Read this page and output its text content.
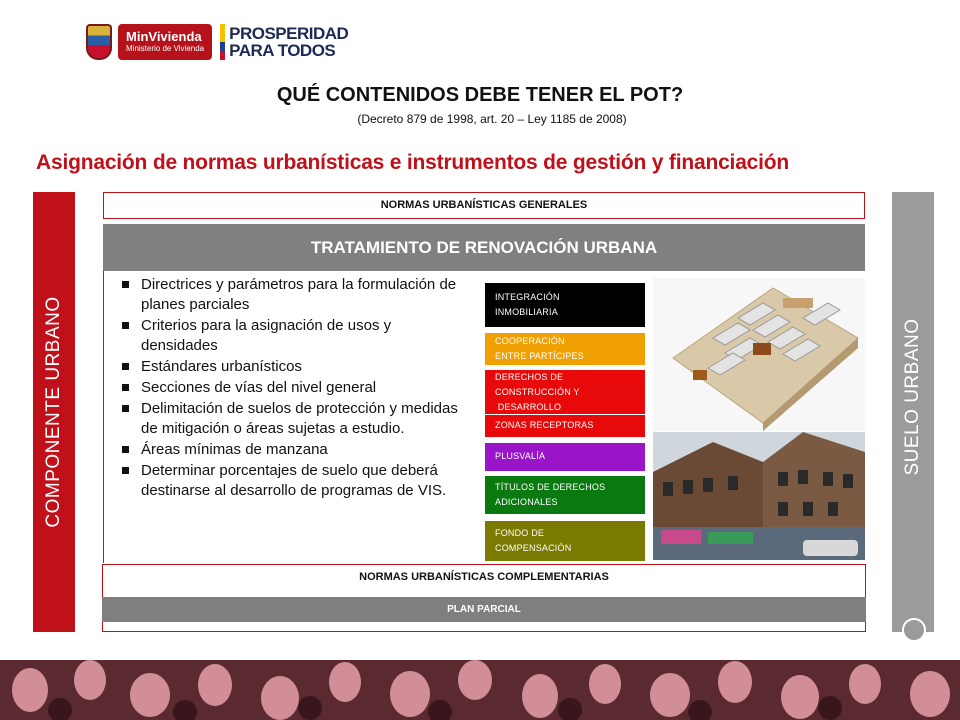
MinVivienda
Ministerio de Vivienda
PROSPERIDAD
PARA TODOS
QUÉ CONTENIDOS DEBE TENER EL POT?
(Decreto 879 de 1998, art. 20 – Ley 1185 de 2008)
Asignación de normas urbanísticas e instrumentos de gestión y financiación
COMPONENTE URBANO	SUELO URBANO
NORMAS URBANÍSTICAS GENERALES
TRATAMIENTO DE RENOVACIÓN URBANA
Directrices y parámetros para la formulación de planes parciales
Criterios para la asignación de usos y densidades
Estándares urbanísticos
Secciones de vías del nivel general
Delimitación de suelos de protección y medidas de mitigación o áreas sujetas a estudio.
Áreas mínimas de manzana
Determinar porcentajes de suelo que deberá destinarse al desarrollo de programas de VIS.
INTEGRACIÓN
INMOBILIARIA
COOPERACIÓN
ENTRE PARTÍCIPES
DERECHOS DE
CONSTRUCCIÓN Y
DESARROLLO
ZONAS RECEPTORAS
PLUSVALÍA
TÍTULOS DE DERECHOS
ADICIONALES
FONDO DE
COMPENSACIÓN
NORMAS URBANÍSTICAS COMPLEMENTARIAS
PLAN PARCIAL
